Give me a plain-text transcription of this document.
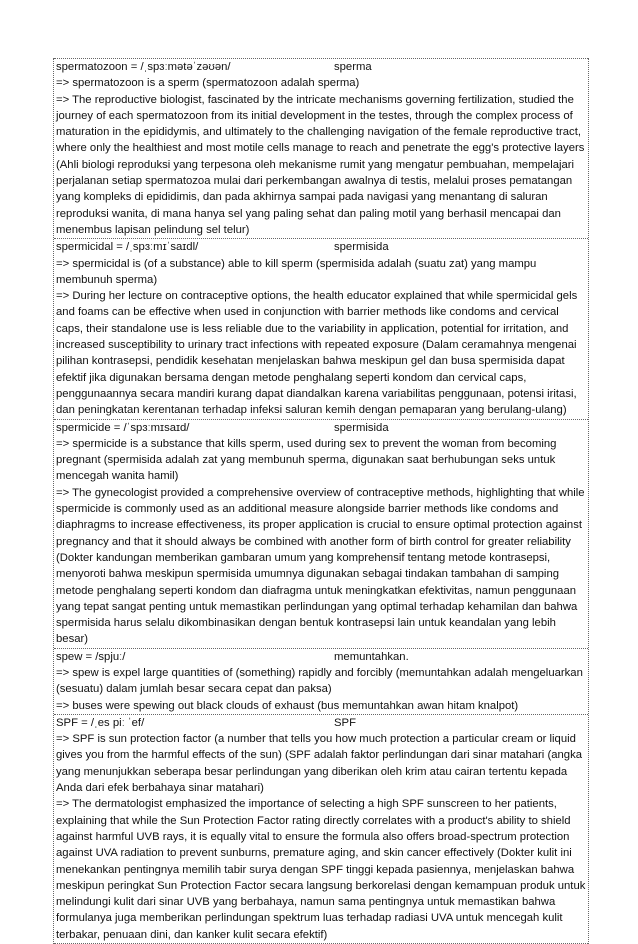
spermatozoon = /ˌspɜːmətəˈzəʊən/	sperma
=> spermatozoon is a sperm (spermatozoon adalah sperma)
=> The reproductive biologist, fascinated by the intricate mechanisms governing fertilization, studied the journey of each spermatozoon from its initial development in the testes, through the complex process of maturation in the epididymis, and ultimately to the challenging navigation of the female reproductive tract, where only the healthiest and most motile cells manage to reach and penetrate the egg's protective layers (Ahli biologi reproduksi yang terpesona oleh mekanisme rumit yang mengatur pembuahan, mempelajari perjalanan setiap spermatozoa mulai dari perkembangan awalnya di testis, melalui proses pematangan yang kompleks di epididimis, dan pada akhirnya sampai pada navigasi yang menantang di saluran reproduksi wanita, di mana hanya sel yang paling sehat dan paling motil yang berhasil mencapai dan menembus lapisan pelindung sel telur)
spermicidal = /ˌspɜːmɪˈsaɪdl/	spermisida
=> spermicidal is (of a substance) able to kill sperm (spermisida adalah (suatu zat) yang mampu membunuh sperma)
=> During her lecture on contraceptive options, the health educator explained that while spermicidal gels and foams can be effective when used in conjunction with barrier methods like condoms and cervical caps, their standalone use is less reliable due to the variability in application, potential for irritation, and increased susceptibility to urinary tract infections with repeated exposure (Dalam ceramahnya mengenai pilihan kontrasepsi, pendidik kesehatan menjelaskan bahwa meskipun gel dan busa spermisida dapat efektif jika digunakan bersama dengan metode penghalang seperti kondom dan cervical caps, penggunaannya secara mandiri kurang dapat diandalkan karena variabilitas penggunaan, potensi iritasi, dan peningkatan kerentanan terhadap infeksi saluran kemih dengan pemaparan yang berulang-ulang)
spermicide = /ˈspɜːmɪsaɪd/	spermisida
=> spermicide is a substance that kills sperm, used during sex to prevent the woman from becoming pregnant (spermisida adalah zat yang membunuh sperma, digunakan saat berhubungan seks untuk mencegah wanita hamil)
=> The gynecologist provided a comprehensive overview of contraceptive methods, highlighting that while spermicide is commonly used as an additional measure alongside barrier methods like condoms and diaphragms to increase effectiveness, its proper application is crucial to ensure optimal protection against pregnancy and that it should always be combined with another form of birth control for greater reliability (Dokter kandungan memberikan gambaran umum yang komprehensif tentang metode kontrasepsi, menyoroti bahwa meskipun spermisida umumnya digunakan sebagai tindakan tambahan di samping metode penghalang seperti kondom dan diafragma untuk meningkatkan efektivitas, namun penggunaan yang tepat sangat penting untuk memastikan perlindungan yang optimal terhadap kehamilan dan bahwa spermisida harus selalu dikombinasikan dengan bentuk kontrasepsi lain untuk keandalan yang lebih besar)
spew = /spjuː/	memuntahkan.
=> spew is expel large quantities of (something) rapidly and forcibly (memuntahkan adalah mengeluarkan (sesuatu) dalam jumlah besar secara cepat dan paksa)
=> buses were spewing out black clouds of exhaust (bus memuntahkan awan hitam knalpot)
SPF = /ˌes piː ˈef/	SPF
=> SPF is sun protection factor (a number that tells you how much protection a particular cream or liquid gives you from the harmful effects of the sun) (SPF adalah faktor perlindungan dari sinar matahari (angka yang menunjukkan seberapa besar perlindungan yang diberikan oleh krim atau cairan tertentu kepada Anda dari efek berbahaya sinar matahari)
=> The dermatologist emphasized the importance of selecting a high SPF sunscreen to her patients, explaining that while the Sun Protection Factor rating directly correlates with a product's ability to shield against harmful UVB rays, it is equally vital to ensure the formula also offers broad-spectrum protection against UVA radiation to prevent sunburns, premature aging, and skin cancer effectively (Dokter kulit ini menekankan pentingnya memilih tabir surya dengan SPF tinggi kepada pasiennya, menjelaskan bahwa meskipun peringkat Sun Protection Factor secara langsung berkorelasi dengan kemampuan produk untuk melindungi kulit dari sinar UVB yang berbahaya, namun sama pentingnya untuk memastikan bahwa formulanya juga memberikan perlindungan spektrum luas terhadap radiasi UVA untuk mencegah kulit terbakar, penuaan dini, dan kanker kulit secara efektif)
